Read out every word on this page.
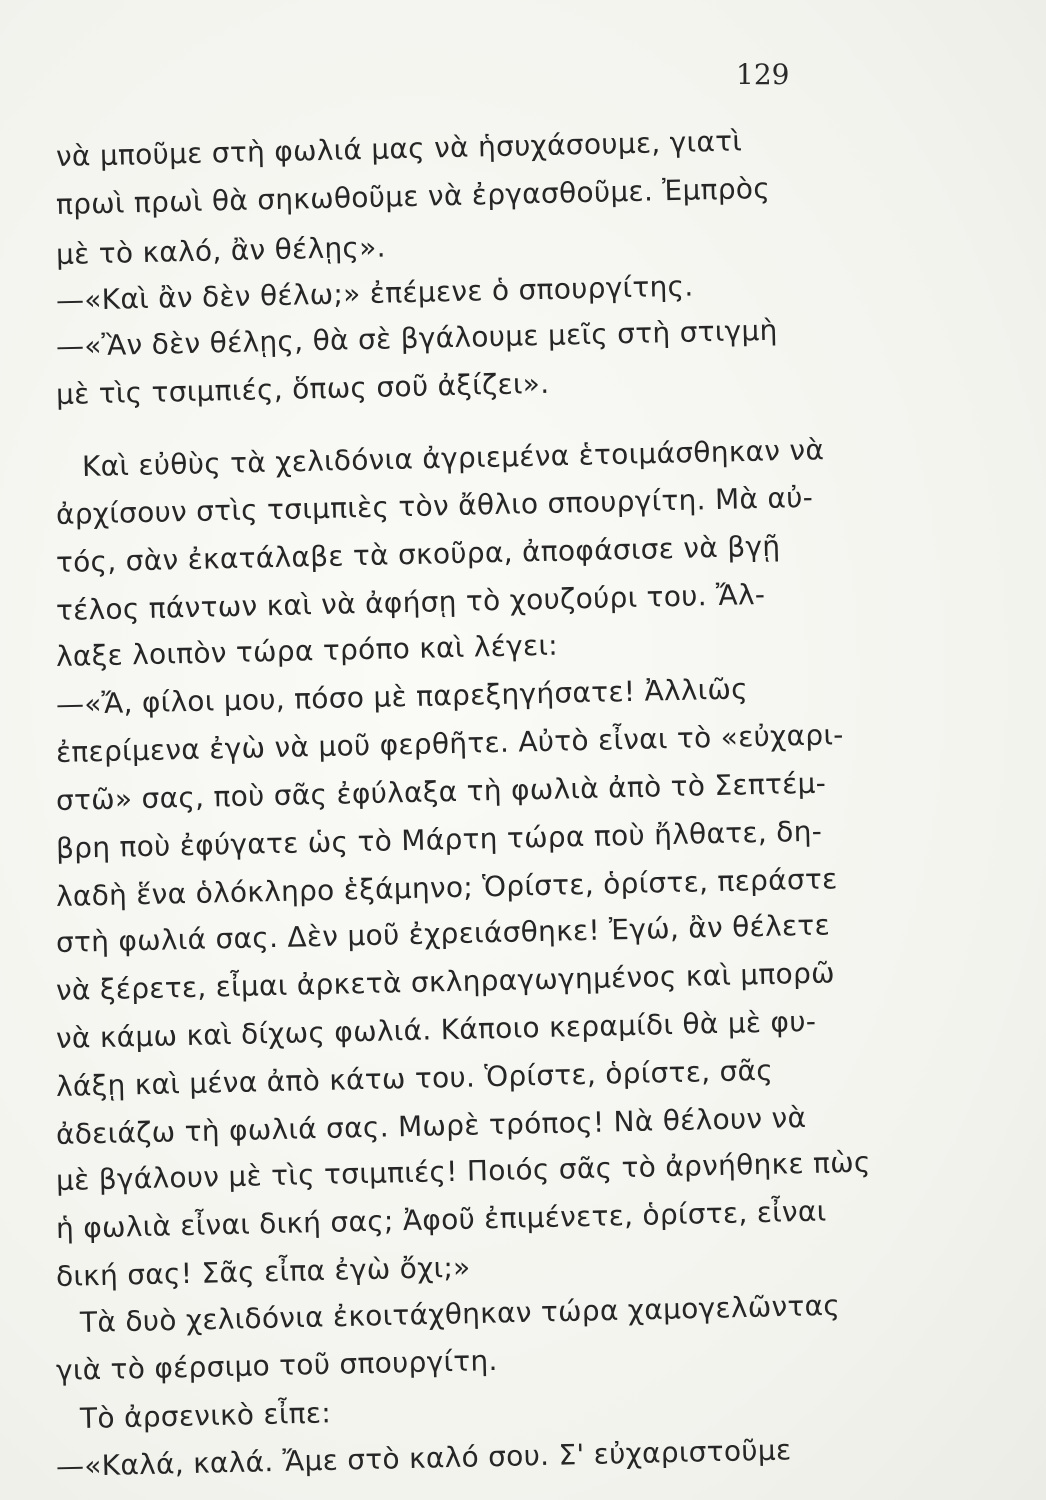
129
νὰ μποῦμε στὴ φωλιά μας νὰ ἡσυχάσουμε, γιατὶ
πρωὶ πρωὶ θὰ σηκωθοῦμε νὰ ἐργασθοῦμε. Ἐμπρὸς
μὲ τὸ καλό, ἂν θέλῃς».
—«Καὶ ἂν δὲν θέλω;» ἐπέμενε ὁ σπουργίτης.
—«Ἂν δὲν θέλῃς, θὰ σὲ βγάλουμε μεῖς στὴ στιγμὴ
μὲ τὶς τσιμπιές, ὅπως σοῦ ἀξίζει».
Καὶ εὐθὺς τὰ χελιδόνια ἀγριεμένα ἑτοιμάσθηκαν νὰ
ἀρχίσουν στὶς τσιμπιὲς τὸν ἄθλιο σπουργίτη. Μὰ αὐ-
τός, σὰν ἐκατάλαβε τὰ σκοῦρα, ἀποφάσισε νὰ βγῇ
τέλος πάντων καὶ νὰ ἀφήσῃ τὸ χουζούρι του. Ἄλ-
λαξε λοιπὸν τώρα τρόπο καὶ λέγει:
—«Ἄ, φίλοι μου, πόσο μὲ παρεξηγήσατε! Ἀλλιῶς
ἐπερίμενα ἐγὼ νὰ μοῦ φερθῆτε. Αὐτὸ εἶναι τὸ «εὐχαρι-
στῶ» σας, ποὺ σᾶς ἐφύλαξα τὴ φωλιὰ ἀπὸ τὸ Σεπτέμ-
βρη ποὺ ἐφύγατε ὡς τὸ Μάρτη τώρα ποὺ ἤλθατε, δη-
λαδὴ ἕνα ὁλόκληρο ἑξάμηνο; Ὁρίστε, ὁρίστε, περάστε
στὴ φωλιά σας. Δὲν μοῦ ἐχρειάσθηκε! Ἐγώ, ἂν θέλετε
νὰ ξέρετε, εἶμαι ἀρκετὰ σκληραγωγημένος καὶ μπορῶ
νὰ κάμω καὶ δίχως φωλιά. Κάποιο κεραμίδι θὰ μὲ φυ-
λάξῃ καὶ μένα ἀπὸ κάτω του. Ὁρίστε, ὁρίστε, σᾶς
ἀδειάζω τὴ φωλιά σας. Μωρὲ τρόπος! Νὰ θέλουν νὰ
μὲ βγάλουν μὲ τὶς τσιμπιές! Ποιός σᾶς τὸ ἀρνήθηκε πὼς
ἡ φωλιὰ εἶναι δική σας; Ἀφοῦ ἐπιμένετε, ὁρίστε, εἶναι
δική σας! Σᾶς εἶπα ἐγὼ ὄχι;»
Τὰ δυὸ χελιδόνια ἐκοιτάχθηκαν τώρα χαμογελῶντας
γιὰ τὸ φέρσιμο τοῦ σπουργίτη.
Τὸ ἀρσενικὸ εἶπε:
—«Καλά, καλά. Ἄμε στὸ καλό σου. Σ' εὐχαριστοῦμε
